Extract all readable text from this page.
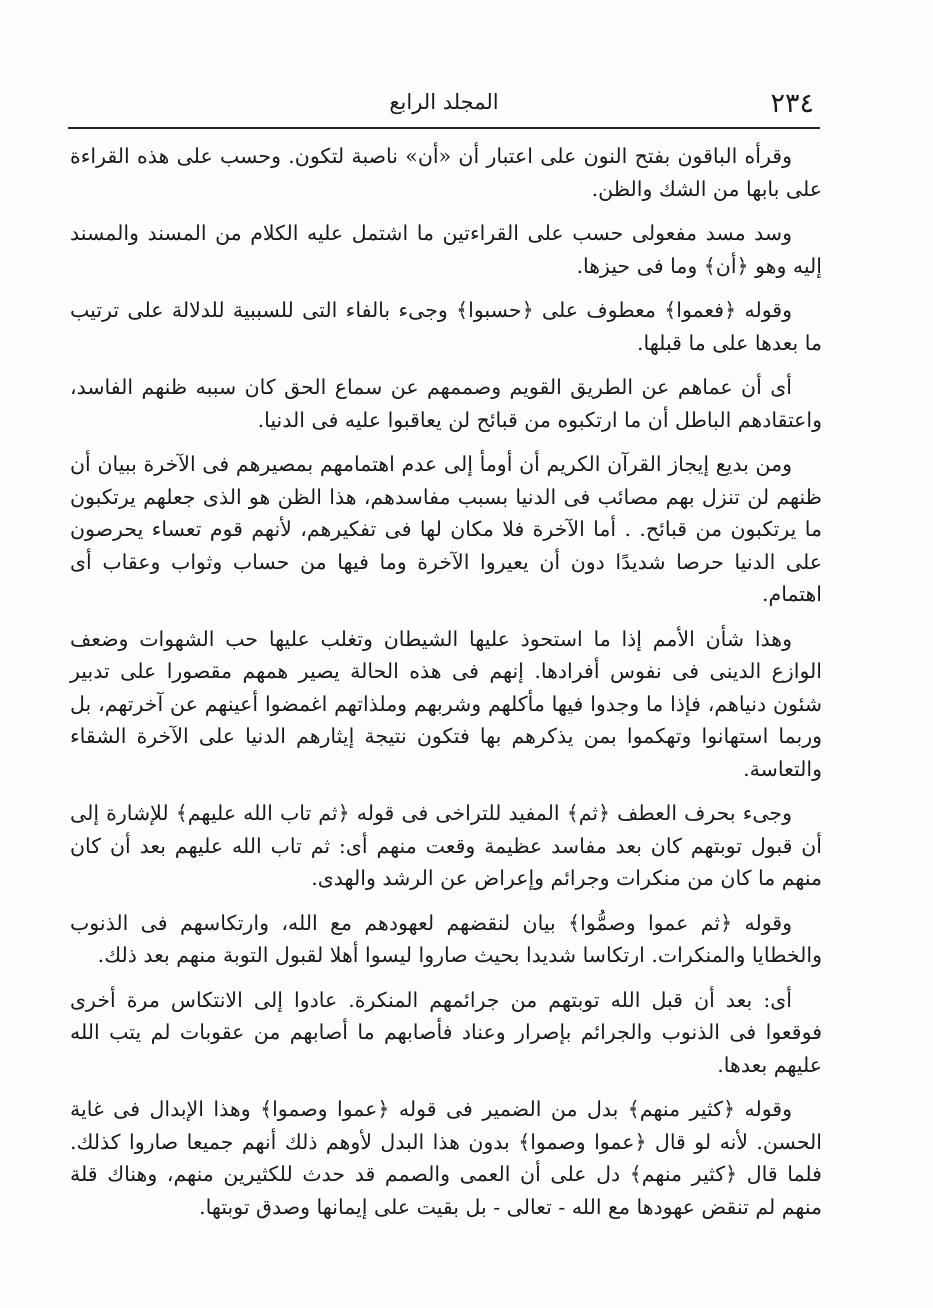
٢٣٤
المجلد الرابع

وقرأه الباقون بفتح النون على اعتبار أن «أن» ناصبة لتكون. وحسب على هذه القراءة على بابها من الشك والظن.

وسد مسد مفعولى حسب على القراءتين ما اشتمل عليه الكلام من المسند والمسند إليه وهو ﴿أن﴾ وما فى حيزها.

وقوله ﴿فعموا﴾ معطوف على ﴿حسبوا﴾ وجىء بالفاء التى للسببية للدلالة على ترتيب ما بعدها على ما قبلها.

أى أن عماهم عن الطريق القويم وصممهم عن سماع الحق كان سببه ظنهم الفاسد، واعتقادهم الباطل أن ما ارتكبوه من قبائح لن يعاقبوا عليه فى الدنيا.

ومن بديع إيجاز القرآن الكريم أن أومأ إلى عدم اهتمامهم بمصيرهم فى الآخرة ببيان أن ظنهم لن تنزل بهم مصائب فى الدنيا بسبب مفاسدهم، هذا الظن هو الذى جعلهم يرتكبون ما يرتكبون من قبائح. . أما الآخرة فلا مكان لها فى تفكيرهم، لأنهم قوم تعساء يحرصون على الدنيا حرصا شديدًا دون أن يعيروا الآخرة وما فيها من حساب وثواب وعقاب أى اهتمام.

وهذا شأن الأمم إذا ما استحوذ عليها الشيطان وتغلب عليها حب الشهوات وضعف الوازع الدينى فى نفوس أفرادها. إنهم فى هذه الحالة يصير همهم مقصورا على تدبير شئون دنياهم، فإذا ما وجدوا فيها مأكلهم وشربهم وملذاتهم اغمضوا أعينهم عن آخرتهم، بل وربما استهانوا وتهكموا بمن يذكرهم بها فتكون نتيجة إيثارهم الدنيا على الآخرة الشقاء والتعاسة.

وجىء بحرف العطف ﴿ثم﴾ المفيد للتراخى فى قوله ﴿ثم تاب الله عليهم﴾ للإشارة إلى أن قبول توبتهم كان بعد مفاسد عظيمة وقعت منهم أى: ثم تاب الله عليهم بعد أن كان منهم ما كان من منكرات وجرائم وإعراض عن الرشد والهدى.

وقوله ﴿ثم عموا وصمُّوا﴾ بيان لنقضهم لعهودهم مع الله، وارتكاسهم فى الذنوب والخطايا والمنكرات. ارتكاسا شديدا بحيث صاروا ليسوا أهلا لقبول التوبة منهم بعد ذلك.

أى: بعد أن قبل الله توبتهم من جرائمهم المنكرة. عادوا إلى الانتكاس مرة أخرى فوقعوا فى الذنوب والجرائم بإصرار وعناد فأصابهم ما أصابهم من عقوبات لم يتب الله عليهم بعدها.

وقوله ﴿كثير منهم﴾ بدل من الضمير فى قوله ﴿عموا وصموا﴾ وهذا الإبدال فى غاية الحسن. لأنه لو قال ﴿عموا وصموا﴾ بدون هذا البدل لأوهم ذلك أنهم جميعا صاروا كذلك. فلما قال ﴿كثير منهم﴾ دل على أن العمى والصمم قد حدث للكثيرين منهم، وهناك قلة منهم لم تنقض عهودها مع الله - تعالى - بل بقيت على إيمانها وصدق توبتها.
